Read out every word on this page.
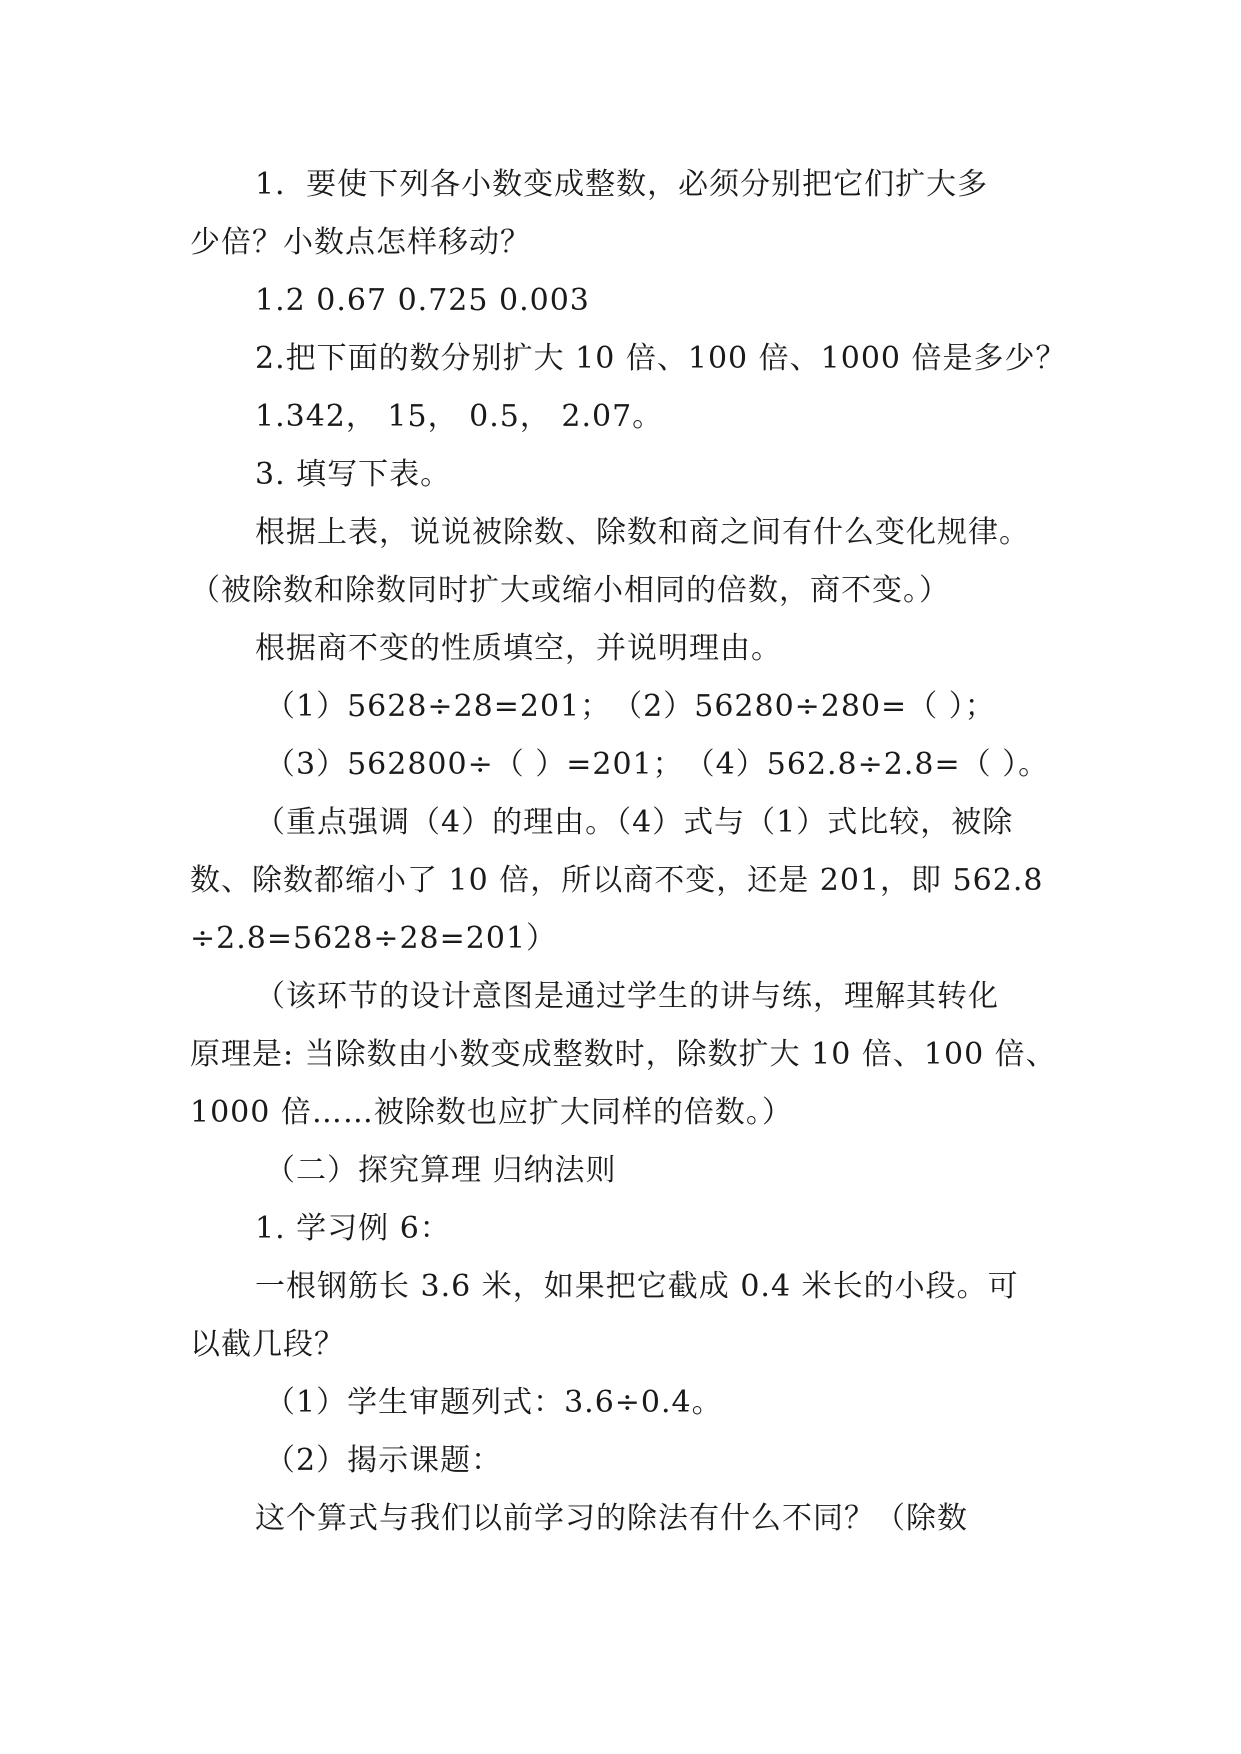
1．要使下列各小数变成整数，必须分别把它们扩大多
少倍？小数点怎样移动？
1.2 0.67 0.725 0.003
2.把下面的数分别扩大 10 倍、100 倍、1000 倍是多少？
1.342， 15， 0.5， 2.07。
3. 填写下表。
根据上表，说说被除数、除数和商之间有什么变化规律。
（被除数和除数同时扩大或缩小相同的倍数，商不变。）
根据商不变的性质填空，并说明理由。
（1）5628÷28=201；　（2）56280÷280=（ ）；
（3）562800÷（ ）=201；　（4）562.8÷2.8=（ ）。
（重点强调（4）的理由。（4）式与（1）式比较，被除
数、除数都缩小了 10 倍，所以商不变，还是 201，即 562.8
÷2.8=5628÷28=201）
（该环节的设计意图是通过学生的讲与练，理解其转化
原理是: 当除数由小数变成整数时，除数扩大 10 倍、100 倍、
1000 倍……被除数也应扩大同样的倍数。）
（二）探究算理 归纳法则
1. 学习例 6：
一根钢筋长 3.6 米，如果把它截成 0.4 米长的小段。可
以截几段？
（1）学生审题列式：3.6÷0.4。
（2）揭示课题：
这个算式与我们以前学习的除法有什么不同？（除数
